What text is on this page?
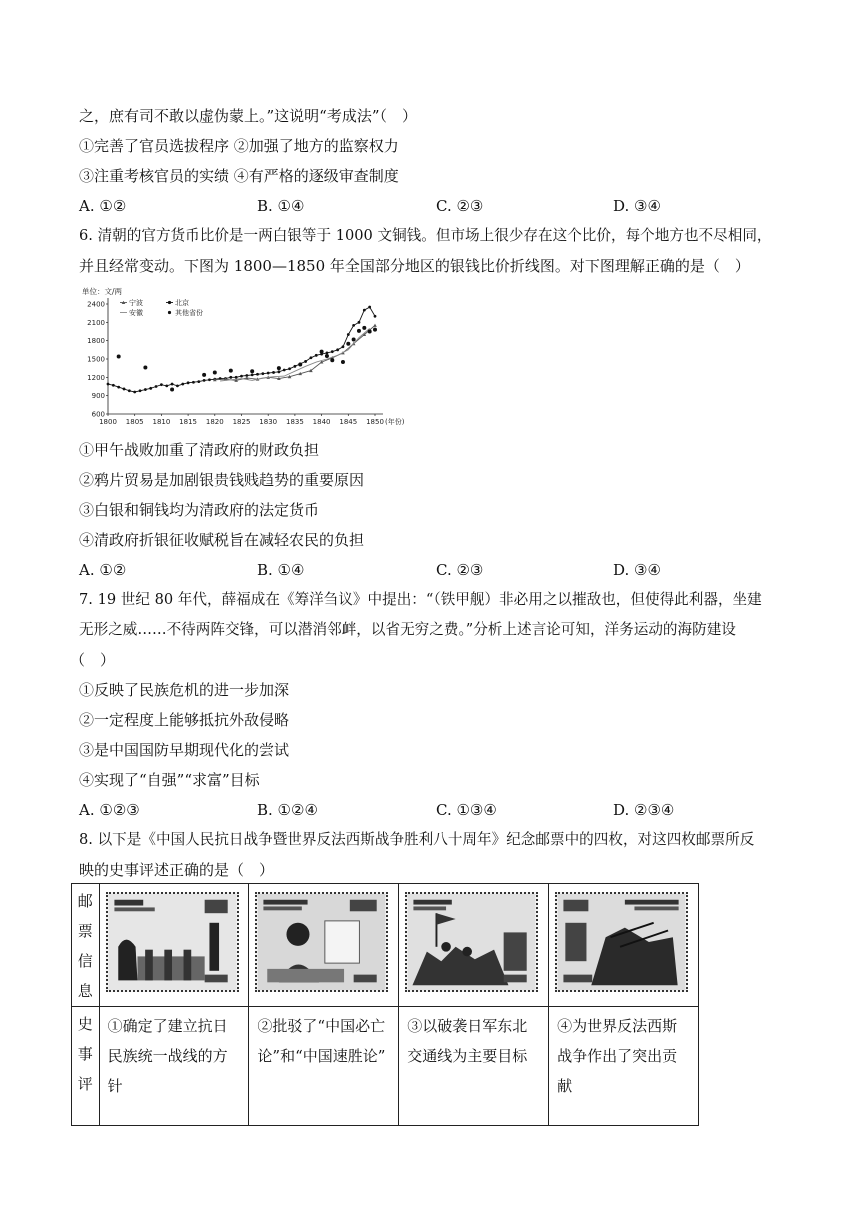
之，庶有司不敢以虚伪蒙上。”这说明“考成法”（　）
①完善了官员选拔程序 ②加强了地方的监察权力
③注重考核官员的实绩 ④有严格的逐级审查制度
A. ①②	B. ①④	C. ②③	D. ③④
6. 清朝的官方货币比价是一两白银等于 1000 文铜钱。但市场上很少存在这个比价，每个地方也不尽相同，
并且经常变动。下图为 1800—1850 年全国部分地区的银钱比价折线图。对下图理解正确的是（　）
单位：文/两
宁波	北京
安徽	其他省份
600
900
1200
1500
1800
2100
2400
1800 1805 1810 1815 1820 1825 1830 1835 1840 1845 1850 (年份)
①甲午战败加重了清政府的财政负担
②鸦片贸易是加剧银贵钱贱趋势的重要原因
③白银和铜钱均为清政府的法定货币
④清政府折银征收赋税旨在减轻农民的负担
A. ①②	B. ①④	C. ②③	D. ③④
7. 19 世纪 80 年代，薛福成在《筹洋刍议》中提出：“（铁甲舰）非必用之以摧敌也，但使得此利器，坐建
无形之威……不待两阵交锋，可以潜消邻衅，以省无穷之费。”分析上述言论可知，洋务运动的海防建设
（　）
①反映了民族危机的进一步加深
②一定程度上能够抵抗外敌侵略
③是中国国防早期现代化的尝试
④实现了“自强”“求富”目标
A. ①②③	B. ①②④	C. ①③④	D. ②③④
8. 以下是《中国人民抗日战争暨世界反法西斯战争胜利八十周年》纪念邮票中的四枚，对这四枚邮票所反
映的史事评述正确的是（　）
邮
票
信
息

史
事
评	①确定了建立抗日民族统一战线的方针	②批驳了“中国必亡论”和“中国速胜论”	③以破袭日军东北交通线为主要目标	④为世界反法西斯战争作出了突出贡献
